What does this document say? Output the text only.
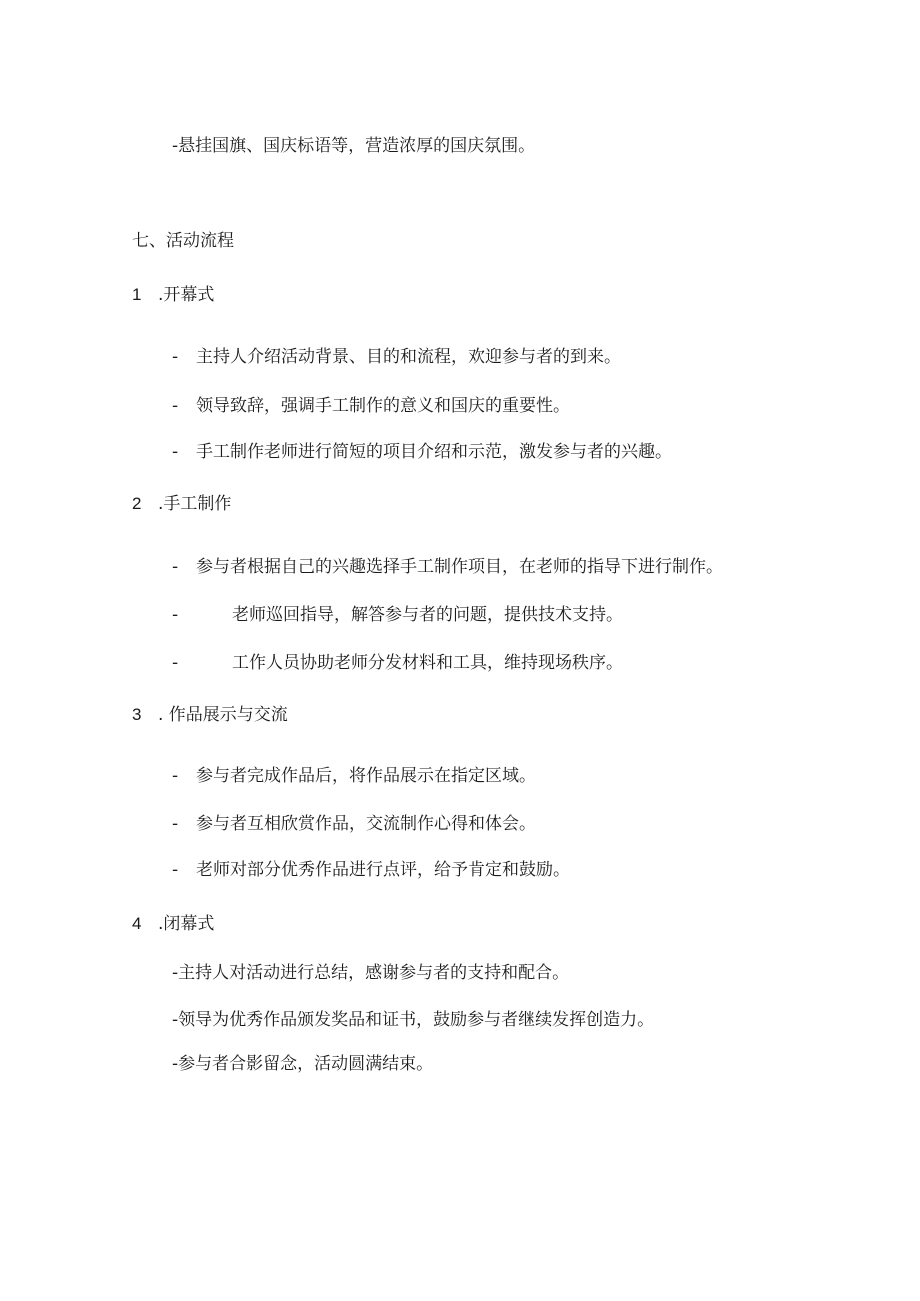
-悬挂国旗、国庆标语等，营造浓厚的国庆氛围。
七、活动流程
1 .开幕式
- 主持人介绍活动背景、目的和流程，欢迎参与者的到来。
- 领导致辞，强调手工制作的意义和国庆的重要性。
- 手工制作老师进行简短的项目介绍和示范，激发参与者的兴趣。
2 .手工制作
- 参与者根据自己的兴趣选择手工制作项目，在老师的指导下进行制作。
-	老师巡回指导，解答参与者的问题，提供技术支持。
-	工作人员协助老师分发材料和工具，维持现场秩序。
3 . 作品展示与交流
- 参与者完成作品后，将作品展示在指定区域。
- 参与者互相欣赏作品，交流制作心得和体会。
- 老师对部分优秀作品进行点评，给予肯定和鼓励。
4 .闭幕式
-主持人对活动进行总结，感谢参与者的支持和配合。
-领导为优秀作品颁发奖品和证书，鼓励参与者继续发挥创造力。
-参与者合影留念，活动圆满结束。
